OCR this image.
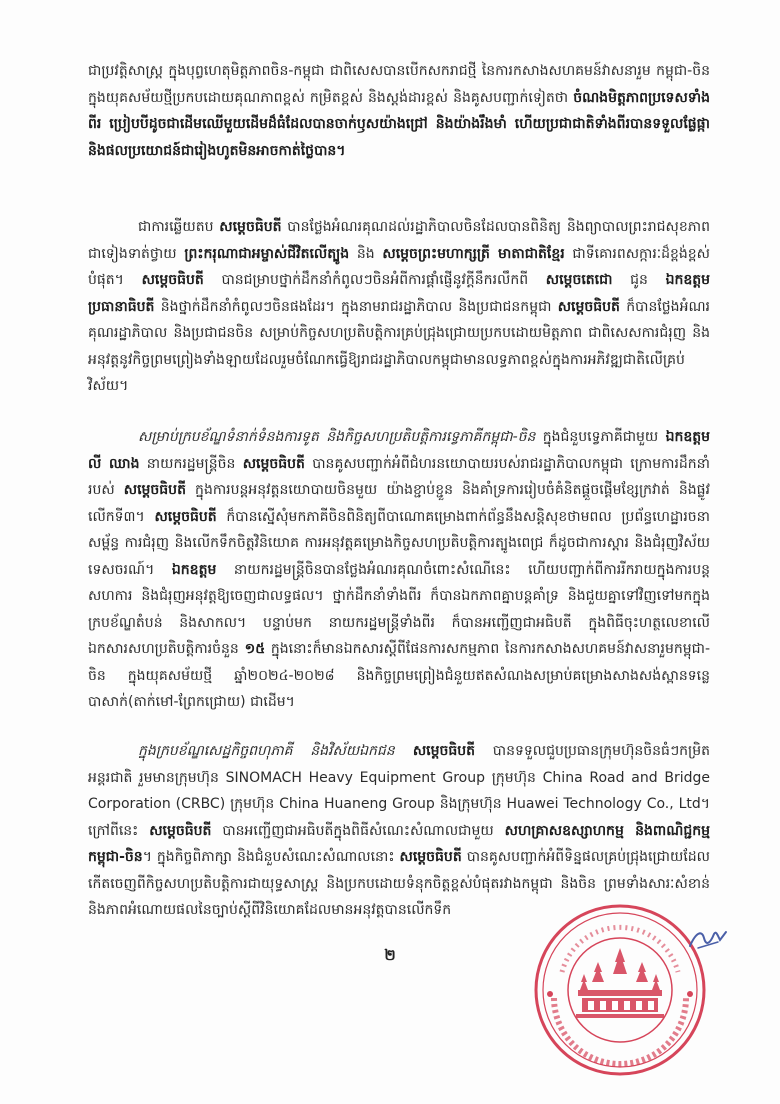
ជាប្រវត្តិសាស្ត្រ ក្នុងបុព្វហេតុមិត្តភាពចិន-កម្ពុជា ជាពិសេសបានបើកសករាជថ្មី នៃការកសាងសហគមន៍វាសនារួម កម្ពុជា-ចិន ក្នុងយុគសម័យថ្មីប្រកបដោយគុណភាពខ្ពស់ កម្រិតខ្ពស់ និងស្តង់ដារខ្ពស់ និងគូសបញ្ជាក់ទៀតថា ចំណងមិត្តភាពប្រទេសទាំងពីរ ប្រៀបបីដូចជាដើមឈើមួយដើមដ៏ធំដែលបានចាក់ឫសយ៉ាងជ្រៅ និងយ៉ាងរឹងមាំ ហើយប្រជាជាតិទាំងពីរបានទទួលផ្លែផ្កានិងផលប្រយោជន៍ជារៀងហូតមិនអាចកាត់ថ្លៃបាន។

ជាការឆ្លើយតប សម្តេចធិបតី បានថ្លែងអំណរគុណដល់រដ្ឋាភិបាលចិនដែលបានពិនិត្យ និងព្យាបាលព្រះរាជសុខភាពជាទៀងទាត់ថ្វាយ ព្រះករុណាជាអម្ចាស់ជីវិតលើត្បូង និង សម្តេចព្រះមហាក្សត្រី មាតាជាតិខ្មែរ ជាទីគោរពសក្ការៈដ៏ខ្ពង់ខ្ពស់បំផុត។ សម្តេចធិបតី បានជម្រាបថ្នាក់ដឹកនាំកំពូលៗចិនអំពីការផ្តាំផ្ញើនូវក្តីនឹករលឹកពី សម្តេចតេជោ ជូន ឯកឧត្តមប្រធានាធិបតី និងថ្នាក់ដឹកនាំកំពូលៗចិនផងដែរ។ ក្នុងនាមរាជរដ្ឋាភិបាល និងប្រជាជនកម្ពុជា សម្តេចធិបតី ក៏បានថ្លែងអំណរគុណរដ្ឋាភិបាល និងប្រជាជនចិន សម្រាប់កិច្ចសហប្រតិបត្តិការគ្រប់ជ្រុងជ្រោយប្រកបដោយមិត្តភាព ជាពិសេសការជំរុញ និងអនុវត្តនូវកិច្ចព្រមព្រៀងទាំងឡាយដែលរួមចំណែកធ្វើឱ្យរាជរដ្ឋាភិបាលកម្ពុជាមានលទ្ធភាពខ្ពស់ក្នុងការអភិវឌ្ឍជាតិលើគ្រប់វិស័យ។

សម្រាប់ក្របខ័ណ្ឌទំនាក់ទំនងការទូត និងកិច្ចសហប្រតិបត្តិការទ្វេភាគីកម្ពុជា-ចិន ក្នុងជំនួបទ្វេភាគីជាមួយ ឯកឧត្តម លី ឈាង នាយករដ្ឋមន្ត្រីចិន សម្តេចធិបតី បានគូសបញ្ជាក់អំពីជំហរនយោបាយរបស់រាជរដ្ឋាភិបាលកម្ពុជា ក្រោមការដឹកនាំរបស់ សម្តេចធិបតី ក្នុងការបន្តអនុវត្តនយោបាយចិនមួយ យ៉ាងខ្ជាប់ខ្ជួន និងគាំទ្រការរៀបចំគំនិតផ្តួចផ្តើមខ្សែក្រវាត់ និងផ្លូវ លើកទី៣។ សម្តេចធិបតី ក៏បានស្នើសុំមកភាគីចិនពិនិត្យពីបាណោគម្រោងពាក់ព័ន្ធនឹងសន្តិសុខថាមពល ប្រព័ន្ធហេដ្ឋារចនាសម្ព័ន្ធ ការជំរុញ និងលើកទឹកចិត្តវិនិយោគ ការអនុវត្តគម្រោងកិច្ចសហប្រតិបត្តិការត្បូងពេជ្រ ក៏ដូចជាការស្តារ និងជំរុញវិស័យទេសចរណ៍។ ឯកឧត្តម នាយករដ្ឋមន្ត្រីចិនបានថ្លែងអំណរគុណចំពោះសំណើនេះ ហើយបញ្ជាក់ពីការរីករាយក្នុងការបន្តសហការ និងជំរុញអនុវត្តឱ្យចេញជាលទ្ធផល។ ថ្នាក់ដឹកនាំទាំងពីរ ក៏បានឯកភាពគ្នាបន្តគាំទ្រ និងជួយគ្នាទៅវិញទៅមកក្នុងក្របខ័ណ្ឌតំបន់ និងសាកល។ បន្ទាប់មក នាយករដ្ឋមន្ត្រីទាំងពីរ ក៏បានអញ្ជើញជាអធិបតី ក្នុងពិធីចុះហត្ថលេខាលើឯកសារសហប្រតិបត្តិការចំនួន ១៥ ក្នុងនោះក៏មានឯកសារស្តីពីផែនការសកម្មភាព នៃការកសាងសហគមន៍វាសនារួមកម្ពុជា-ចិន ក្នុងយុគសម័យថ្មី ឆ្នាំ២០២៤-២០២៨ និងកិច្ចព្រមព្រៀងជំនួយឥតសំណងសម្រាប់គម្រោងសាងសង់ស្ពានទន្លេបាសាក់(តាក់មៅ-ព្រែកជ្រោយ) ជាដើម។

ក្នុងក្របខ័ណ្ឌសេដ្ឋកិច្ចពហុភាគី និងវិស័យឯកជន សម្តេចធិបតី បានទទួលជួបប្រធានក្រុមហ៊ុនចិនធំៗកម្រិតអន្តរជាតិ រួមមានក្រុមហ៊ុន SINOMACH Heavy Equipment Group ក្រុមហ៊ុន China Road and Bridge Corporation (CRBC) ក្រុមហ៊ុន China Huaneng Group និងក្រុមហ៊ុន Huawei Technology Co., Ltd។ ក្រៅពីនេះ សម្តេចធិបតី បានអញ្ជើញជាអធិបតីក្នុងពិធីសំណេះសំណាលជាមួយ សហគ្រាសឧស្សាហកម្ម និងពាណិជ្ជកម្មកម្ពុជា-ចិន។ ក្នុងកិច្ចពិភាក្សា និងជំនួបសំណេះសំណាលនោះ សម្តេចធិបតី បានគូសបញ្ជាក់អំពីទិន្នផលគ្រប់ជ្រុងជ្រោយដែលកើតចេញពីកិច្ចសហប្រតិបត្តិការជាយុទ្ធសាស្ត្រ និងប្រកបដោយទំនុកចិត្តខ្ពស់បំផុតរវាងកម្ពុជា និងចិន ព្រមទាំងសារៈសំខាន់ និងភាពអំណោយផលនៃច្បាប់ស្តីពីវិនិយោគដែលមានអនុវត្តបានលើកទឹក

២
